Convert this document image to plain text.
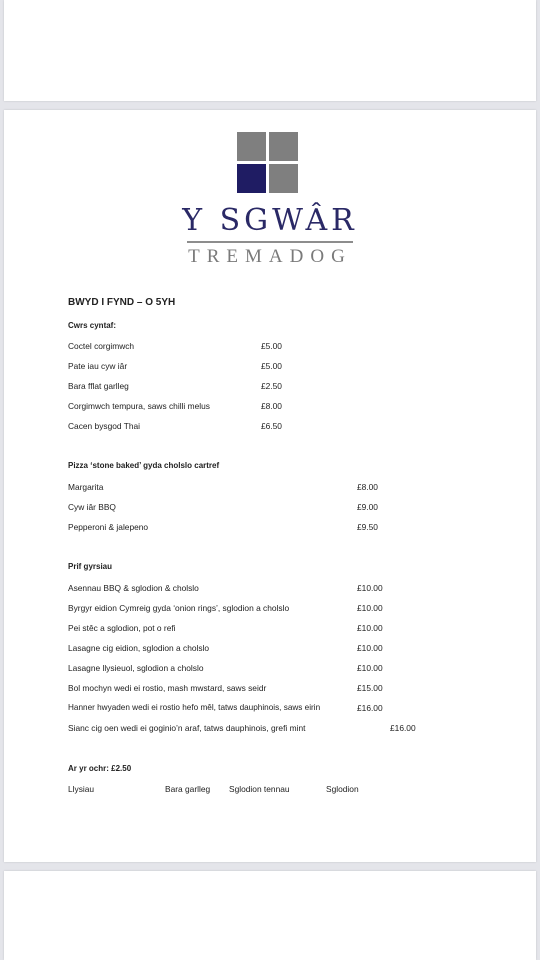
Y SGWÂR
TREMADOG
BWYD I FYND – O 5YH
Cwrs cyntaf:
Coctel corgimwch	£5.00
Pate iau cyw iâr	£5.00
Bara fflat garlleg	£2.50
Corgimwch tempura, saws chilli melus	£8.00
Cacen bysgod Thai	£6.50
Pizza ‘stone baked’ gyda cholslo cartref
Margarita	£8.00
Cyw iâr BBQ	£9.00
Pepperoni & jalepeno	£9.50
Prif gyrsiau
Asennau BBQ & sglodion & cholslo	£10.00
Byrgyr eidion Cymreig gyda ‘onion rings’, sglodion a cholslo	£10.00
Pei stêc a sglodion, pot o refi	£10.00
Lasagne cig eidion, sglodion a cholslo	£10.00
Lasagne llysieuol, sglodion a cholslo	£10.00
Bol mochyn wedi ei rostio, mash mwstard, saws seidr	£15.00
Hanner hwyaden wedi ei rostio hefo mêl, tatws dauphinois, saws eirin	£16.00
Sianc cig oen wedi ei goginio’n araf, tatws dauphinois, grefi mint	£16.00
Ar yr ochr: £2.50
Llysiau	Bara garlleg Sglodion tennau	Sglodion
